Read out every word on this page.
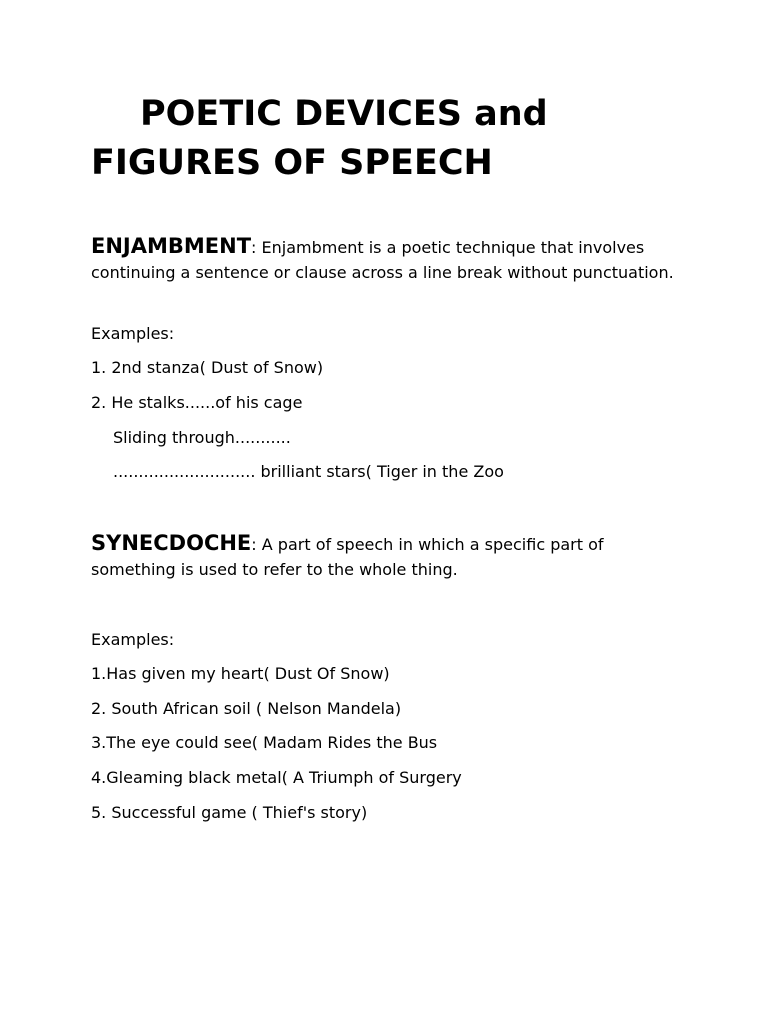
POETIC DEVICES and
FIGURES OF SPEECH

ENJAMBMENT: Enjambment is a poetic technique that involves continuing a sentence or clause across a line break without punctuation.

Examples:

1. 2nd stanza( Dust of Snow)

2. He stalks......of his cage

Sliding through...........

............................ brilliant stars( Tiger in the Zoo

SYNECDOCHE: A part of speech in which a specific part of something is used to refer to the whole thing.

Examples:

1.Has given my heart( Dust Of Snow)

2. South African soil ( Nelson Mandela)

3.The eye could see( Madam Rides the Bus

4.Gleaming black metal( A Triumph of Surgery

5. Successful game ( Thief's story)
